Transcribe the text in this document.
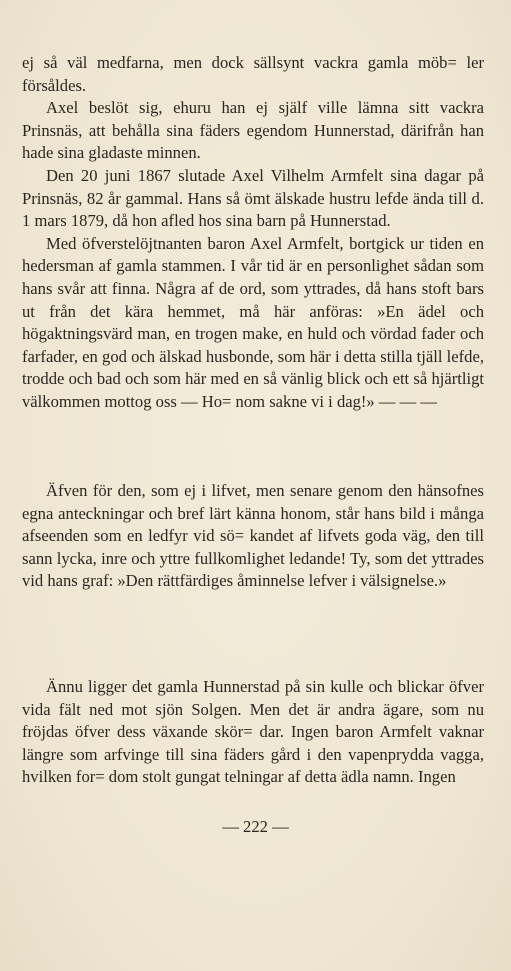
ej så väl medfarna, men dock sällsynt vackra gamla möb= ler försåldes.

Axel beslöt sig, ehuru han ej själf ville lämna sitt vackra Prinsnäs, att behålla sina fäders egendom Hunnerstad, därifrån han hade sina gladaste minnen.

Den 20 juni 1867 slutade Axel Vilhelm Armfelt sina dagar på Prinsnäs, 82 år gammal. Hans så ömt älskade hustru lefde ända till d. 1 mars 1879, då hon afled hos sina barn på Hunnerstad.

Med öfverstelöjtnanten baron Axel Armfelt, bortgick ur tiden en hedersman af gamla stammen. I vår tid är en personlighet sådan som hans svår att finna. Några af de ord, som yttrades, då hans stoft bars ut från det kära hemmet, må här anföras: »En ädel och högaktningsvärd man, en trogen make, en huld och vördad fader och farfader, en god och älskad husbonde, som här i detta stilla tjäll lefde, trodde och bad och som här med en så vänlig blick och ett så hjärtligt välkommen mottog oss — Ho= nom sakne vi i dag!» — — —

Äfven för den, som ej i lifvet, men senare genom den hänsofnes egna anteckningar och bref lärt känna honom, står hans bild i många afseenden som en ledfyr vid sö= kandet af lifvets goda väg, den till sann lycka, inre och yttre fullkomlighet ledande! Ty, som det yttrades vid hans graf: »Den rättfärdiges åminnelse lefver i välsignelse.»

Ännu ligger det gamla Hunnerstad på sin kulle och blickar öfver vida fält ned mot sjön Solgen. Men det är andra ägare, som nu fröjdas öfver dess växande skör= dar. Ingen baron Armfelt vaknar längre som arfvinge till sina fäders gård i den vapenprydda vagga, hvilken for= dom stolt gungat telningar af detta ädla namn. Ingen

— 222 —
